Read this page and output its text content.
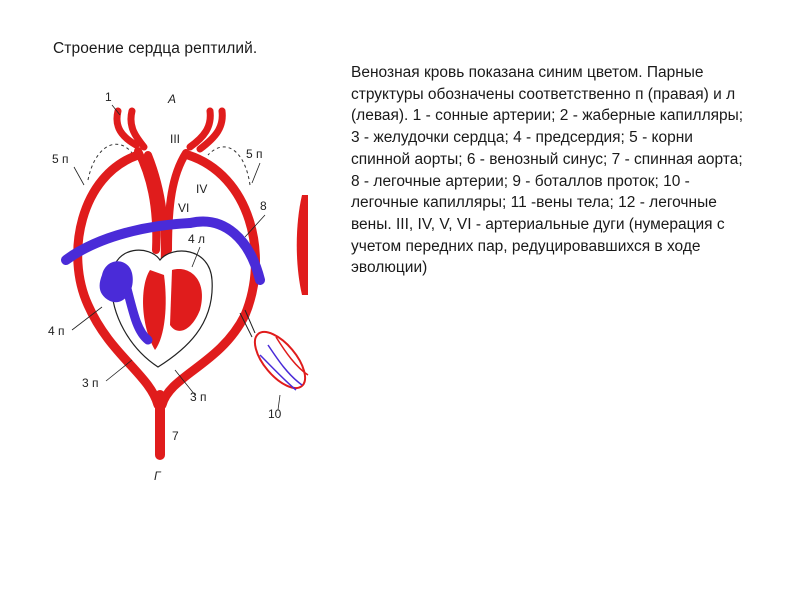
Строение сердца рептилий.
Венозная кровь показана синим цветом. Парные структуры обозначены соответственно п (правая) и л (левая). 1 - сонные артерии; 2 - жаберные капилляры; 3 - желудочки сердца; 4 - предсердия; 5 - корни спинной аорты; 6 - венозный синус; 7 - спинная аорта; 8 - легочные артерии; 9 - боталлов проток; 10 - легочные капилляры; 11 -вены тела; 12 - легочные вены. III, IV, V, VI - артериальные дуги (нумерация с учетом передних пар, редуцировавшихся в ходе эволюции)
1	А
III
5 п	5 п
IV
VI	8
4 л
4 п
3 п
3 п
10
7
Г
